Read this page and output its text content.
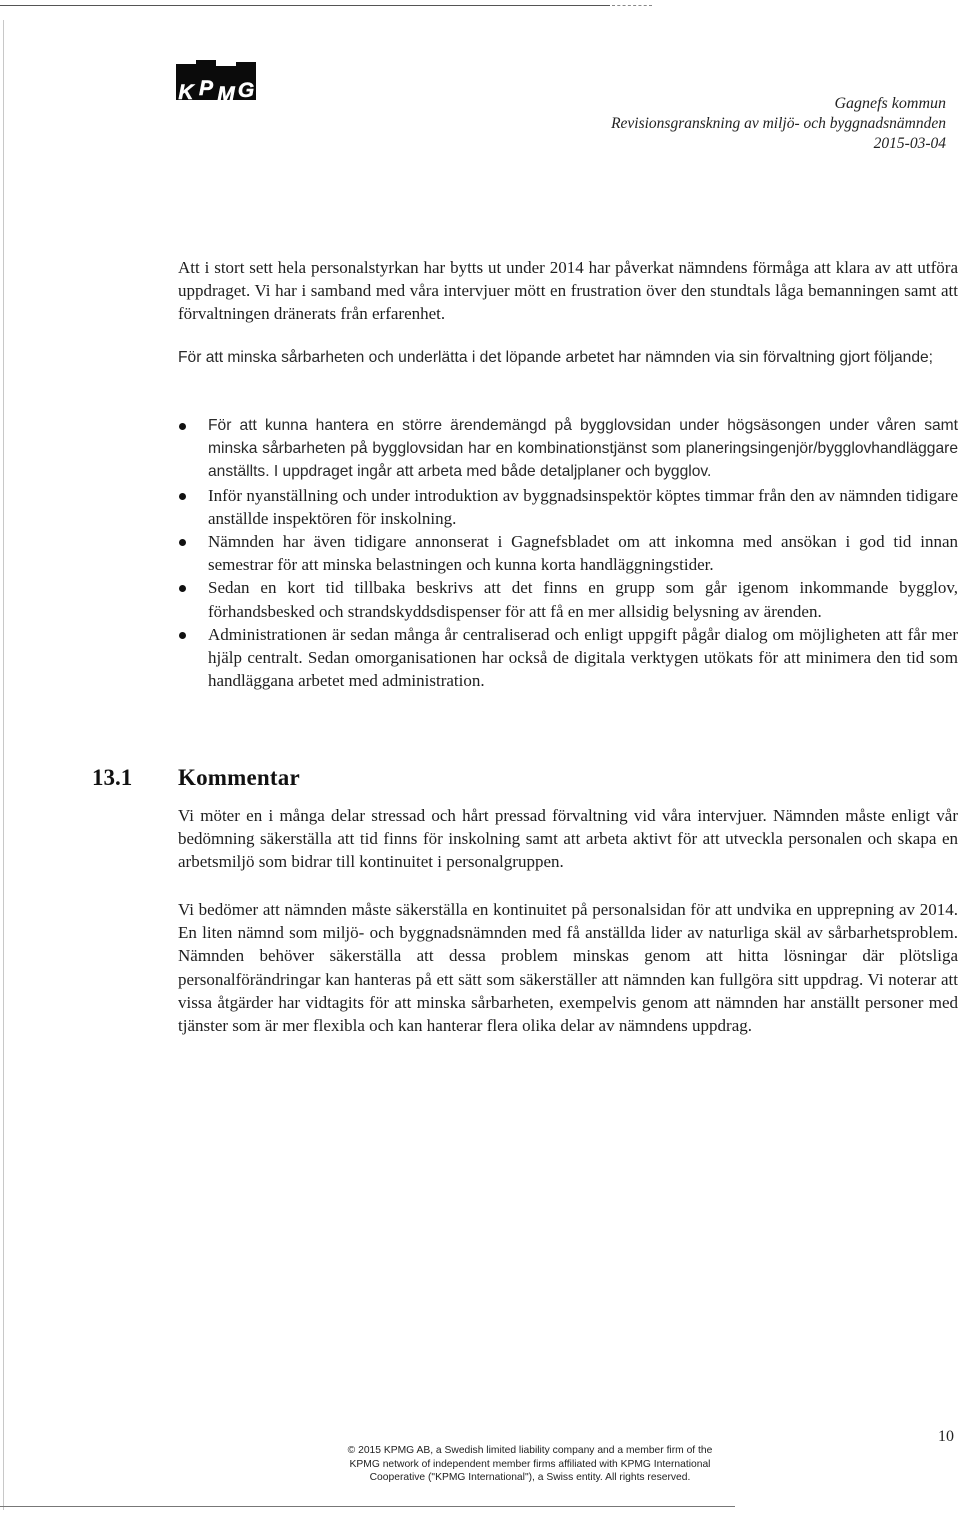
K P M G
Gagnefs kommun
Revisionsgranskning av miljö- och byggnadsnämnden
2015-03-04

Att i stort sett hela personalstyrkan har bytts ut under 2014 har påverkat nämndens förmåga att klara av att utföra uppdraget. Vi har i samband med våra intervjuer mött en frustration över den stundtals låga bemanningen samt att förvaltningen dränerats från erfarenhet.

För att minska sårbarheten och underlätta i det löpande arbetet har nämnden via sin förvaltning gjort följande;

För att kunna hantera en större ärendemängd på bygglovsidan under högsäsongen under våren samt minska sårbarheten på bygglovsidan har en kombinationstjänst som planeringsingenjör/bygglovhandläggare anställts. I uppdraget ingår att arbeta med både detaljplaner och bygglov.
Inför nyanställning och under introduktion av byggnadsinspektör köptes timmar från den av nämnden tidigare anställde inspektören för inskolning.
Nämnden har även tidigare annonserat i Gagnefsbladet om att inkomna med ansökan i god tid innan semestrar för att minska belastningen och kunna korta handläggningstider.
Sedan en kort tid tillbaka beskrivs att det finns en grupp som går igenom inkommande bygglov, förhandsbesked och strandskyddsdispenser för att få en mer allsidig belysning av ärenden.
Administrationen är sedan många år centraliserad och enligt uppgift pågår dialog om möjligheten att får mer hjälp centralt. Sedan omorganisationen har också de digitala verktygen utökats för att minimera den tid som handläggana arbetet med administration.
13.1 Kommentar

Vi möter en i många delar stressad och hårt pressad förvaltning vid våra intervjuer. Nämnden måste enligt vår bedömning säkerställa att tid finns för inskolning samt att arbeta aktivt för att utveckla personalen och skapa en arbetsmiljö som bidrar till kontinuitet i personalgruppen.

Vi bedömer att nämnden måste säkerställa en kontinuitet på personalsidan för att undvika en upprepning av 2014. En liten nämnd som miljö- och byggnadsnämnden med få anställda lider av naturliga skäl av sårbarhetsproblem. Nämnden behöver säkerställa att dessa problem minskas genom att hitta lösningar där plötsliga personalförändringar kan hanteras på ett sätt som säkerställer att nämnden kan fullgöra sitt uppdrag. Vi noterar att vissa åtgärder har vidtagits för att minska sårbarheten, exempelvis genom att nämnden har anställt personer med tjänster som är mer flexibla och kan hanterar flera olika delar av nämndens uppdrag.

10
© 2015 KPMG AB, a Swedish limited liability company and a member firm of the
KPMG network of independent member firms affiliated with KPMG International
Cooperative ("KPMG International"), a Swiss entity. All rights reserved.
